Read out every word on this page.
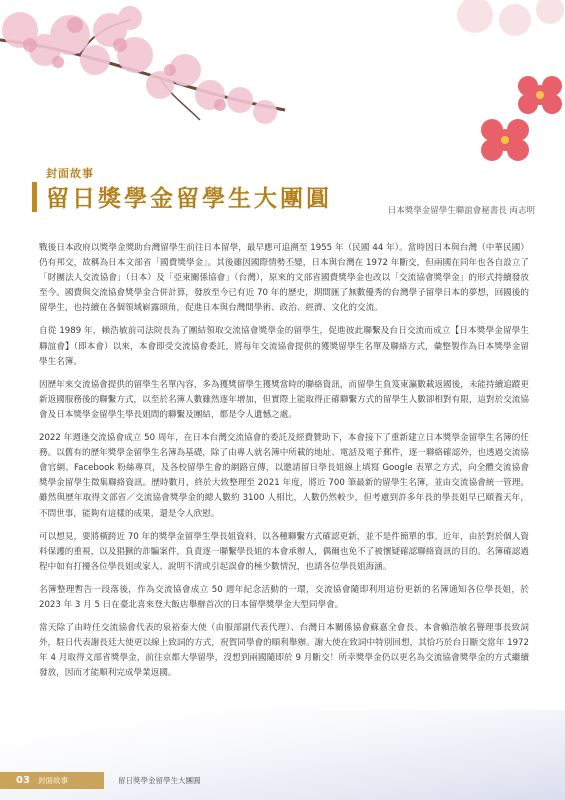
封面故事
留日獎學金留學生大團圓	日本獎學金留學生聯誼會秘書長 両志明

戰後日本政府以獎學金獎助台灣留學生前往日本留學，最早應可追溯至 1955 年（民國 44 年）。當時因日本與台灣（中華民國）仍有邦交，故稱為日本文部省「國費獎學金」。其後雖因國際情勢丕變，日本與台灣在 1972 年斷交，但兩國在同年也各自設立了「財團法人交流協會」（日本）及「亞東關係協會」（台灣），原來的文部省國費獎學金也改以「交流協會獎學金」的形式持續發放至今。國費與交流協會獎學金合併計算，發放至今已有近 70 年的歷史，期間匯了無數優秀的台灣學子留學日本的夢想，回國後的留學生，也持續在各個領域嶄露頭角，促進日本與台灣間學術、政治、經濟、文化的交流。

自從 1989 年，賴浩敏前司法院長為了團結領取交流協會獎學金的留學生，促進彼此聯繫及台日交流而成立【日本獎學金留學生聯誼會】（即本會）以來，本會即受交流協會委託，將每年交流協會提供的獲獎留學生名單及聯絡方式，彙整製作為日本獎學金留學生名簿。

因歷年來交流協會提供的留學生名單內容，多為獲獎留學生獲獎當時的聯絡資訊，而留學生負笈東瀛數載返國後，未能持續追蹤更新返國服務後的聯繫方式，以至於名簿人數雖然逐年增加，但實際上能取得正確聯繫方式的留學生人數卻相對有限，這對於交流協會及日本獎學金留學生學長姐間的聯繫及團結，都是令人遺憾之處。

2022 年週逢交流協會成立 50 周年，在日本台灣交流協會的委託及經費贊助下，本會接下了重新建立日本獎學金留學生名簿的任務。以舊有的歷年獎學金留學生名簿為基礎，除了由專人就名簿中所載的地址、電話及電子郵件，逐一聯絡確認外，也透過交流協會官網、Facebook 粉絲專頁，及各校留學生會的網路宣傳，以邀請留日學長姐線上填寫 Google 表單之方式，向全體交流協會獎學金留學生徵集聯絡資訊。歷時數月，終於大致整理至 2021 年度，將近 700 筆最新的留學生名簿，並由交流協會統一管理。雖然與歷年取得文部省／交流協會獎學金的總人數約 3100 人相比，人數仍然較少，但考慮到許多年長的學長姐早已頤養天年，不問世事，能夠有這樣的成果，還是令人欣慰。

可以想見，要將橫跨近 70 年的獎學金留學生學長姐資料，以各種聯繫方式確認更新，並不是件簡單的事。近年，由於對於個人資料保護的重視，以及猖獗的詐騙案件，負責逐一聯繫學長姐的本會承辦人，偶爾也免不了被懷疑確認聯絡資訊的目的。名簿確認過程中如有打擾各位學長姐或家人、說明不清或引起誤會的極少數情況，也請各位學長姐海涵。

名簿整理暫告一段落後，作為交流協會成立 50 週年紀念活動的一環，交流協會隨即利用這份更新的名簿通知各位學長姐，於 2023 年 3 月 5 日在臺北喜來登大飯店舉辦首次的日本留學獎學金大型同學會。

當天除了由時任交流協會代表的泉裕泰大使（由服部副代表代理）、台灣日本關係協會蘇嘉全會長、本會賴浩敏名譽理事長致詞外，駐日代表謝長廷大使更以線上致詞的方式，祝賀同學會的順利舉辦。謝大使在致詞中特別回想，其恰巧於台日斷交當年 1972 年 4 月取得文部省獎學金，前往京都大學留學，沒想到兩國隨即於 9 月斷交！所幸獎學金仍以更名為交流協會獎學金的方式繼續發放，因而才能順利完成學業返國。

03 封面故事	留日獎學金留學生大團圓
